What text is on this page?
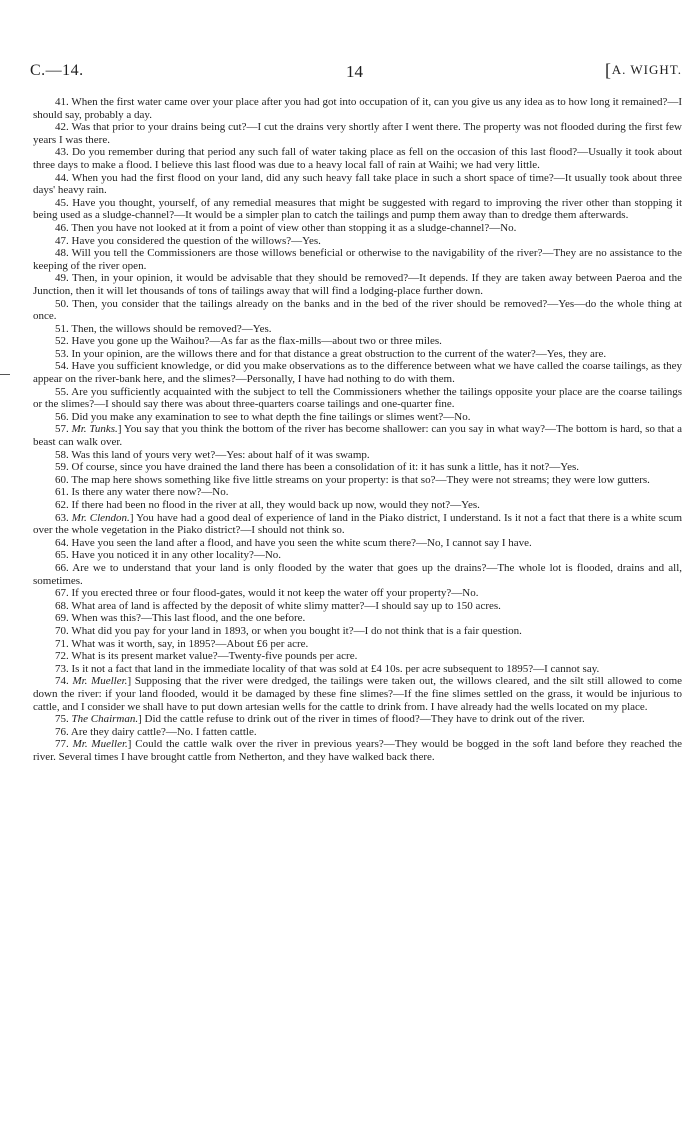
C.—14.	14	[ A. WIGHT.

41. When the first water came over your place after you had got into occupation of it, can you give us any idea as to how long it remained?—I should say, probably a day.

42. Was that prior to your drains being cut?—I cut the drains very shortly after I went there. The property was not flooded during the first few years I was there.

43. Do you remember during that period any such fall of water taking place as fell on the occasion of this last flood?—Usually it took about three days to make a flood. I believe this last flood was due to a heavy local fall of rain at Waihi; we had very little.

44. When you had the first flood on your land, did any such heavy fall take place in such a short space of time?—It usually took about three days' heavy rain.

45. Have you thought, yourself, of any remedial measures that might be suggested with regard to improving the river other than stopping it being used as a sludge-channel?—It would be a simpler plan to catch the tailings and pump them away than to dredge them afterwards.

46. Then you have not looked at it from a point of view other than stopping it as a sludge-channel?—No.

47. Have you considered the question of the willows?—Yes.

48. Will you tell the Commissioners are those willows beneficial or otherwise to the navigability of the river?—They are no assistance to the keeping of the river open.

49. Then, in your opinion, it would be advisable that they should be removed?—It depends. If they are taken away between Paeroa and the Junction, then it will let thousands of tons of tailings away that will find a lodging-place further down.

50. Then, you consider that the tailings already on the banks and in the bed of the river should be removed?—Yes—do the whole thing at once.

51. Then, the willows should be removed?—Yes.

52. Have you gone up the Waihou?—As far as the flax-mills—about two or three miles.

53. In your opinion, are the willows there and for that distance a great obstruction to the current of the water?—Yes, they are.

54. Have you sufficient knowledge, or did you make observations as to the difference between what we have called the coarse tailings, as they appear on the river-bank here, and the slimes?—Personally, I have had nothing to do with them.

55. Are you sufficiently acquainted with the subject to tell the Commissioners whether the tailings opposite your place are the coarse tailings or the slimes?—I should say there was about three-quarters coarse tailings and one-quarter fine.

56. Did you make any examination to see to what depth the fine tailings or slimes went?—No.

57. Mr. Tunks.] You say that you think the bottom of the river has become shallower: can you say in what way?—The bottom is hard, so that a beast can walk over.

58. Was this land of yours very wet?—Yes: about half of it was swamp.

59. Of course, since you have drained the land there has been a consolidation of it: it has sunk a little, has it not?—Yes.

60. The map here shows something like five little streams on your property: is that so?—They were not streams; they were low gutters.

61. Is there any water there now?—No.

62. If there had been no flood in the river at all, they would back up now, would they not?—Yes.

63. Mr. Clendon.] You have had a good deal of experience of land in the Piako district, I understand. Is it not a fact that there is a white scum over the whole vegetation in the Piako district?—I should not think so.

64. Have you seen the land after a flood, and have you seen the white scum there?—No, I cannot say I have.

65. Have you noticed it in any other locality?—No.

66. Are we to understand that your land is only flooded by the water that goes up the drains?—The whole lot is flooded, drains and all, sometimes.

67. If you erected three or four flood-gates, would it not keep the water off your property?—No.

68. What area of land is affected by the deposit of white slimy matter?—I should say up to 150 acres.

69. When was this?—This last flood, and the one before.

70. What did you pay for your land in 1893, or when you bought it?—I do not think that is a fair question.

71. What was it worth, say, in 1895?—About £6 per acre.

72. What is its present market value?—Twenty-five pounds per acre.

73. Is it not a fact that land in the immediate locality of that was sold at £4 10s. per acre subsequent to 1895?—I cannot say.

74. Mr. Mueller.] Supposing that the river were dredged, the tailings were taken out, the willows cleared, and the silt still allowed to come down the river: if your land flooded, would it be damaged by these fine slimes?—If the fine slimes settled on the grass, it would be injurious to cattle, and I consider we shall have to put down artesian wells for the cattle to drink from. I have already had the wells located on my place.

75. The Chairman.] Did the cattle refuse to drink out of the river in times of flood?—They have to drink out of the river.

76. Are they dairy cattle?—No. I fatten cattle.

77. Mr. Mueller.] Could the cattle walk over the river in previous years?—They would be bogged in the soft land before they reached the river. Several times I have brought cattle from Netherton, and they have walked back there.
